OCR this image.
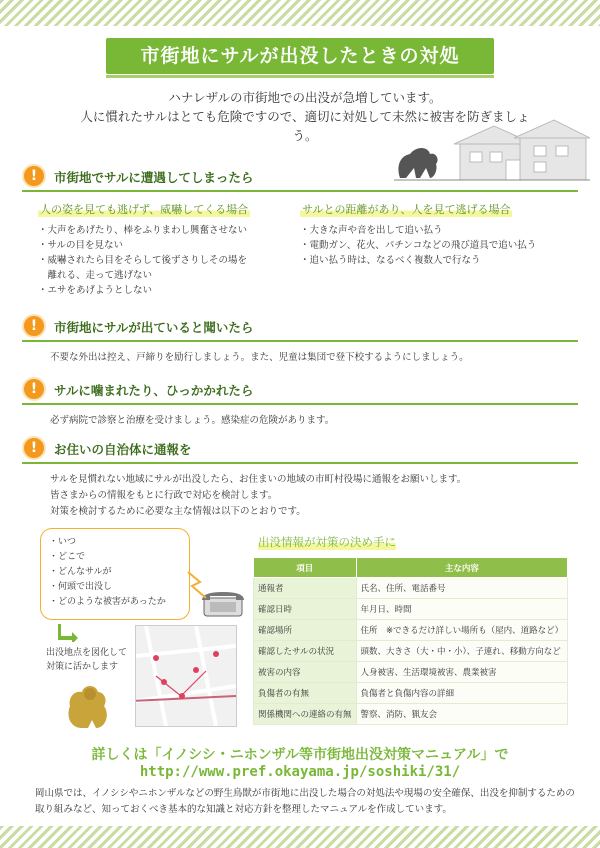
市街地にサルが出没したときの対処
ハナレザルの市街地での出没が急増しています。
人に慣れたサルはとても危険ですので、適切に対処して未然に被害を防ぎましょう。
!	市街地でサルに遭遇してしまったら
人の姿を見ても逃げず、威嚇してくる場合
・大声をあげたり、棒をふりまわし興奮させない
・サルの目を見ない
・威嚇されたら目をそらして後ずさりしその場を
　離れる、走って逃げない
・エサをあげようとしない
サルとの距離があり、人を見て逃げる場合
・大きな声や音を出して追い払う
・電動ガン、花火、パチンコなどの飛び道具で追い払う
・追い払う時は、なるべく複数人で行なう
!	市街地にサルが出ていると聞いたら
不要な外出は控え、戸締りを励行しましょう。また、児童は集団で登下校するようにしましょう。
!	サルに噛まれたり、ひっかかれたら
必ず病院で診察と治療を受けましょう。感染症の危険があります。
!	お住いの自治体に通報を
サルを見慣れない地域にサルが出没したら、お住まいの地域の市町村役場に通報をお願いします。
皆さまからの情報をもとに行政で対応を検討します。
対策を検討するために必要な主な情報は以下のとおりです。
・いつ
・どこで
・どんなサルが
・何頭で出没し
・どのような被害があったか
出没地点を図化して
対策に活かします
出没情報が対策の決め手に
項目	主な内容
通報者	氏名、住所、電話番号
確認日時	年月日、時間
確認場所	住所　※できるだけ詳しい場所も（屋内、道路など）
確認したサルの状況	頭数、大きさ（大・中・小）、子連れ、移動方向など
被害の内容	人身被害、生活環境被害、農業被害
負傷者の有無	負傷者と負傷内容の詳細
関係機関への連絡の有無	警察、消防、猟友会
詳しくは「イノシシ・ニホンザル等市街地出没対策マニュアル」で
http://www.pref.okayama.jp/soshiki/31/
岡山県では、イノシシやニホンザルなどの野生鳥獣が市街地に出没した場合の対処法や現場の安全確保、出没を抑制するための取り組みなど、知っておくべき基本的な知識と対応方針を整理したマニュアルを作成しています。
